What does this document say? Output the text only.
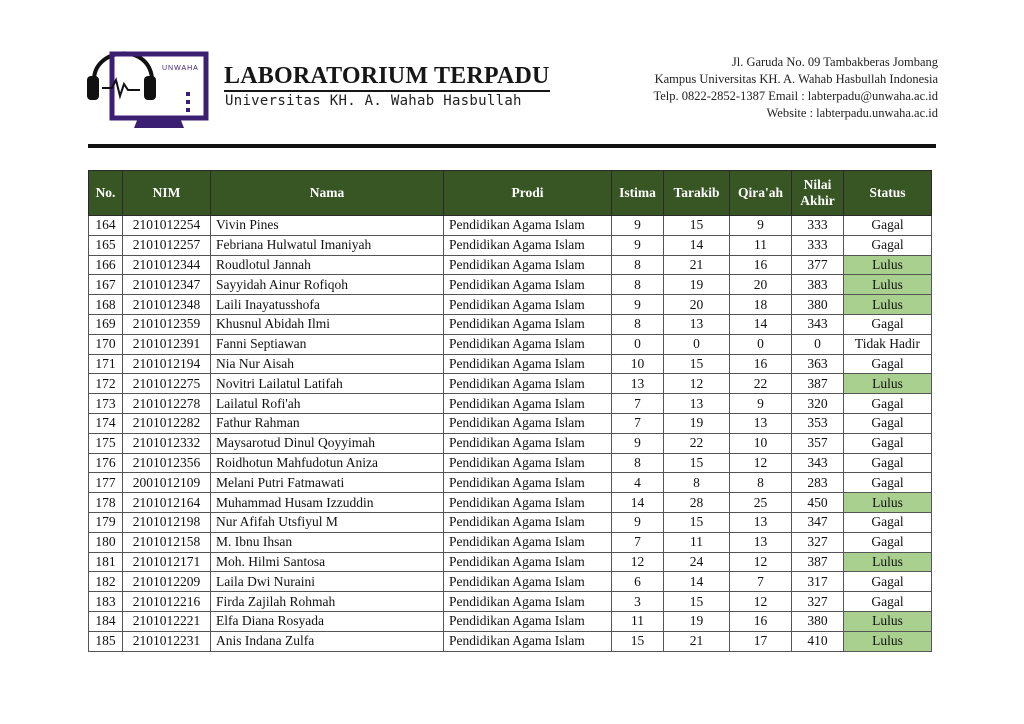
UNWAHA LABORATORIUM TERPADU
Universitas KH. A. Wahab Hasbullah
Jl. Garuda No. 09 Tambakberas Jombang
Kampus Universitas KH. A. Wahab Hasbullah Indonesia
Telp. 0822-2852-1387 Email : labterpadu@unwaha.ac.id
Website : labterpadu.unwaha.ac.id
No.	NIM	Nama	Prodi	Istima	Tarakib	Qira'ah	Nilai Akhir	Status
164	2101012254	Vivin Pines	Pendidikan Agama Islam	9	15	9	333	Gagal
165	2101012257	Febriana Hulwatul Imaniyah	Pendidikan Agama Islam	9	14	11	333	Gagal
166	2101012344	Roudlotul Jannah	Pendidikan Agama Islam	8	21	16	377	Lulus
167	2101012347	Sayyidah Ainur Rofiqoh	Pendidikan Agama Islam	8	19	20	383	Lulus
168	2101012348	Laili Inayatusshofa	Pendidikan Agama Islam	9	20	18	380	Lulus
169	2101012359	Khusnul Abidah Ilmi	Pendidikan Agama Islam	8	13	14	343	Gagal
170	2101012391	Fanni Septiawan	Pendidikan Agama Islam	0	0	0	0	Tidak Hadir
171	2101012194	Nia Nur Aisah	Pendidikan Agama Islam	10	15	16	363	Gagal
172	2101012275	Novitri Lailatul Latifah	Pendidikan Agama Islam	13	12	22	387	Lulus
173	2101012278	Lailatul Rofi'ah	Pendidikan Agama Islam	7	13	9	320	Gagal
174	2101012282	Fathur Rahman	Pendidikan Agama Islam	7	19	13	353	Gagal
175	2101012332	Maysarotud Dinul Qoyyimah	Pendidikan Agama Islam	9	22	10	357	Gagal
176	2101012356	Roidhotun Mahfudotun Aniza	Pendidikan Agama Islam	8	15	12	343	Gagal
177	2001012109	Melani Putri Fatmawati	Pendidikan Agama Islam	4	8	8	283	Gagal
178	2101012164	Muhammad Husam Izzuddin	Pendidikan Agama Islam	14	28	25	450	Lulus
179	2101012198	Nur Afifah Utsfiyul M	Pendidikan Agama Islam	9	15	13	347	Gagal
180	2101012158	M. Ibnu Ihsan	Pendidikan Agama Islam	7	11	13	327	Gagal
181	2101012171	Moh. Hilmi Santosa	Pendidikan Agama Islam	12	24	12	387	Lulus
182	2101012209	Laila Dwi Nuraini	Pendidikan Agama Islam	6	14	7	317	Gagal
183	2101012216	Firda Zajilah Rohmah	Pendidikan Agama Islam	3	15	12	327	Gagal
184	2101012221	Elfa Diana Rosyada	Pendidikan Agama Islam	11	19	16	380	Lulus
185	2101012231	Anis Indana Zulfa	Pendidikan Agama Islam	15	21	17	410	Lulus
